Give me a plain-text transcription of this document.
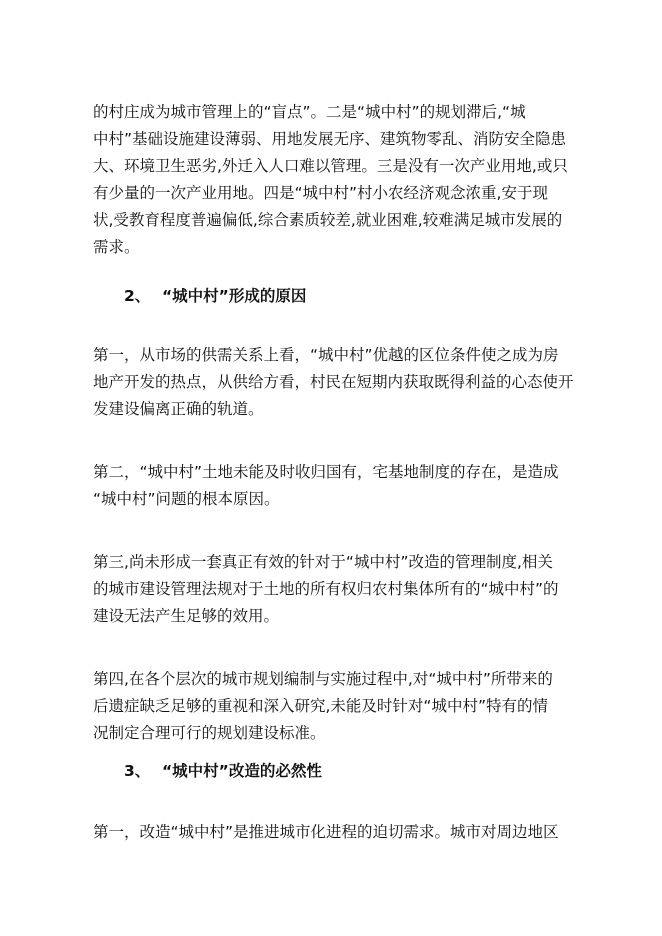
的村庄成为城市管理上的“盲点”。二是“城中村”的规划滞后,“城
中村”基础设施建设薄弱、用地发展无序、建筑物零乱、消防安全隐患
大、环境卫生恶劣,外迁入人口难以管理。三是没有一次产业用地,或只
有少量的一次产业用地。四是“城中村”村小农经济观念浓重,安于现
状,受教育程度普遍偏低,综合素质较差,就业困难,较难满足城市发展的
需求。
2、 “城中村”形成的原因
第一，从市场的供需关系上看，“城中村”优越的区位条件使之成为房
地产开发的热点，从供给方看，村民在短期内获取既得利益的心态使开
发建设偏离正确的轨道。
第二，“城中村”土地未能及时收归国有，宅基地制度的存在，是造成
“城中村”问题的根本原因。
第三,尚未形成一套真正有效的针对于“城中村”改造的管理制度,相关
的城市建设管理法规对于土地的所有权归农村集体所有的“城中村”的
建设无法产生足够的效用。
第四,在各个层次的城市规划编制与实施过程中,对“城中村”所带来的
后遗症缺乏足够的重视和深入研究,未能及时针对“城中村”特有的情
况制定合理可行的规划建设标准。
3、 “城中村”改造的必然性
第一，改造“城中村”是推进城市化进程的迫切需求。城市对周边地区
